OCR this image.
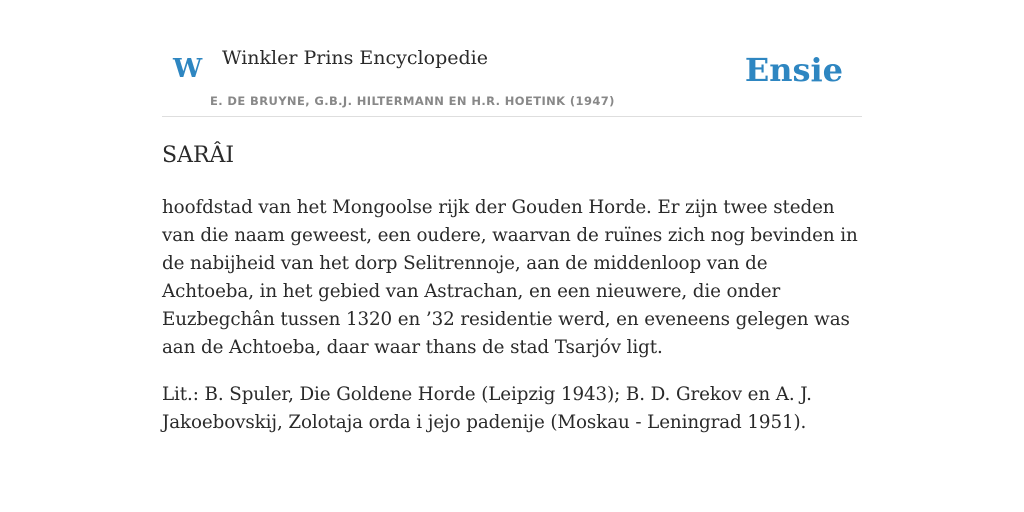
W Winkler Prins Encyclopedie
E. DE BRUYNE, G.B.J. HILTERMANN EN H.R. HOETINK (1947)
Ensie
SARÂI

hoofdstad van het Mongoolse rijk der Gouden Horde. Er zijn twee steden van die naam geweest, een oudere, waarvan de ruïnes zich nog bevinden in de nabijheid van het dorp Selitrennoje, aan de middenloop van de Achtoeba, in het gebied van Astrachan, en een nieuwere, die onder Euzbegchân tussen 1320 en ’32 residentie werd, en eveneens gelegen was aan de Achtoeba, daar waar thans de stad Tsarjóv ligt.

Lit.: B. Spuler, Die Goldene Horde (Leipzig 1943); B. D. Grekov en A. J. Jakoebovskij, Zolotaja orda i jejo padenije (Moskau - Leningrad 1951).
